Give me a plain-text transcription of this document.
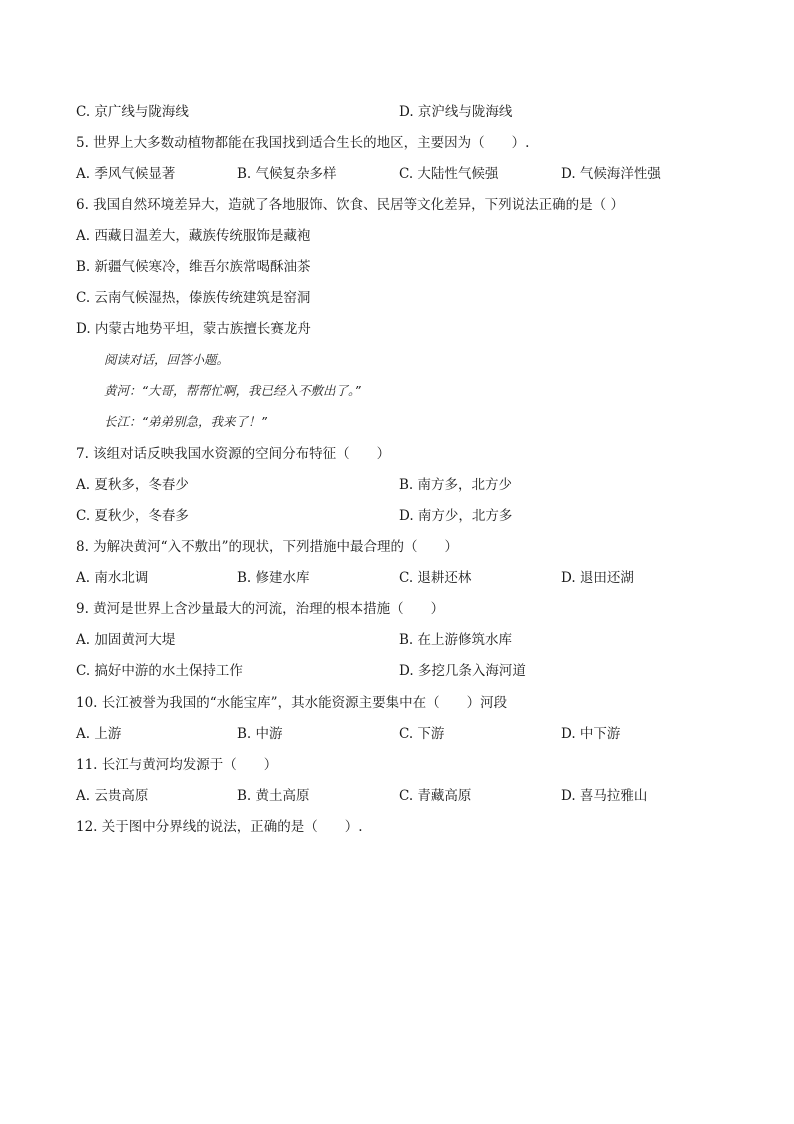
C. 京广线与陇海线	D. 京沪线与陇海线
5. 世界上大多数动植物都能在我国找到适合生长的地区，主要因为（　　）.
A. 季风气候显著	B. 气候复杂多样	C. 大陆性气候强	D. 气候海洋性强
6. 我国自然环境差异大，造就了各地服饰、饮食、民居等文化差异，下列说法正确的是（ ）
A. 西藏日温差大，藏族传统服饰是藏袍
B. 新疆气候寒冷，维吾尔族常喝酥油茶
C. 云南气候湿热，傣族传统建筑是窑洞
D. 内蒙古地势平坦，蒙古族擅长赛龙舟
阅读对话，回答小题。
黄河：“大哥，帮帮忙啊，我已经入不敷出了。”
长江：“弟弟别急，我来了！”
7. 该组对话反映我国水资源的空间分布特征（　　）
A. 夏秋多，冬春少	B. 南方多，北方少
C. 夏秋少，冬春多	D. 南方少，北方多
8. 为解决黄河“入不敷出”的现状，下列措施中最合理的（　　）
A. 南水北调	B. 修建水库	C. 退耕还林	D. 退田还湖
9. 黄河是世界上含沙量最大的河流，治理的根本措施（　　）
A. 加固黄河大堤	B. 在上游修筑水库
C. 搞好中游的水土保持工作	D. 多挖几条入海河道
10. 长江被誉为我国的“水能宝库”，其水能资源主要集中在（　　）河段
A. 上游	B. 中游	C. 下游	D. 中下游
11. 长江与黄河均发源于（　　）
A. 云贵高原	B. 黄土高原	C. 青藏高原	D. 喜马拉雅山
12. 关于图中分界线的说法，正确的是（　　）.
